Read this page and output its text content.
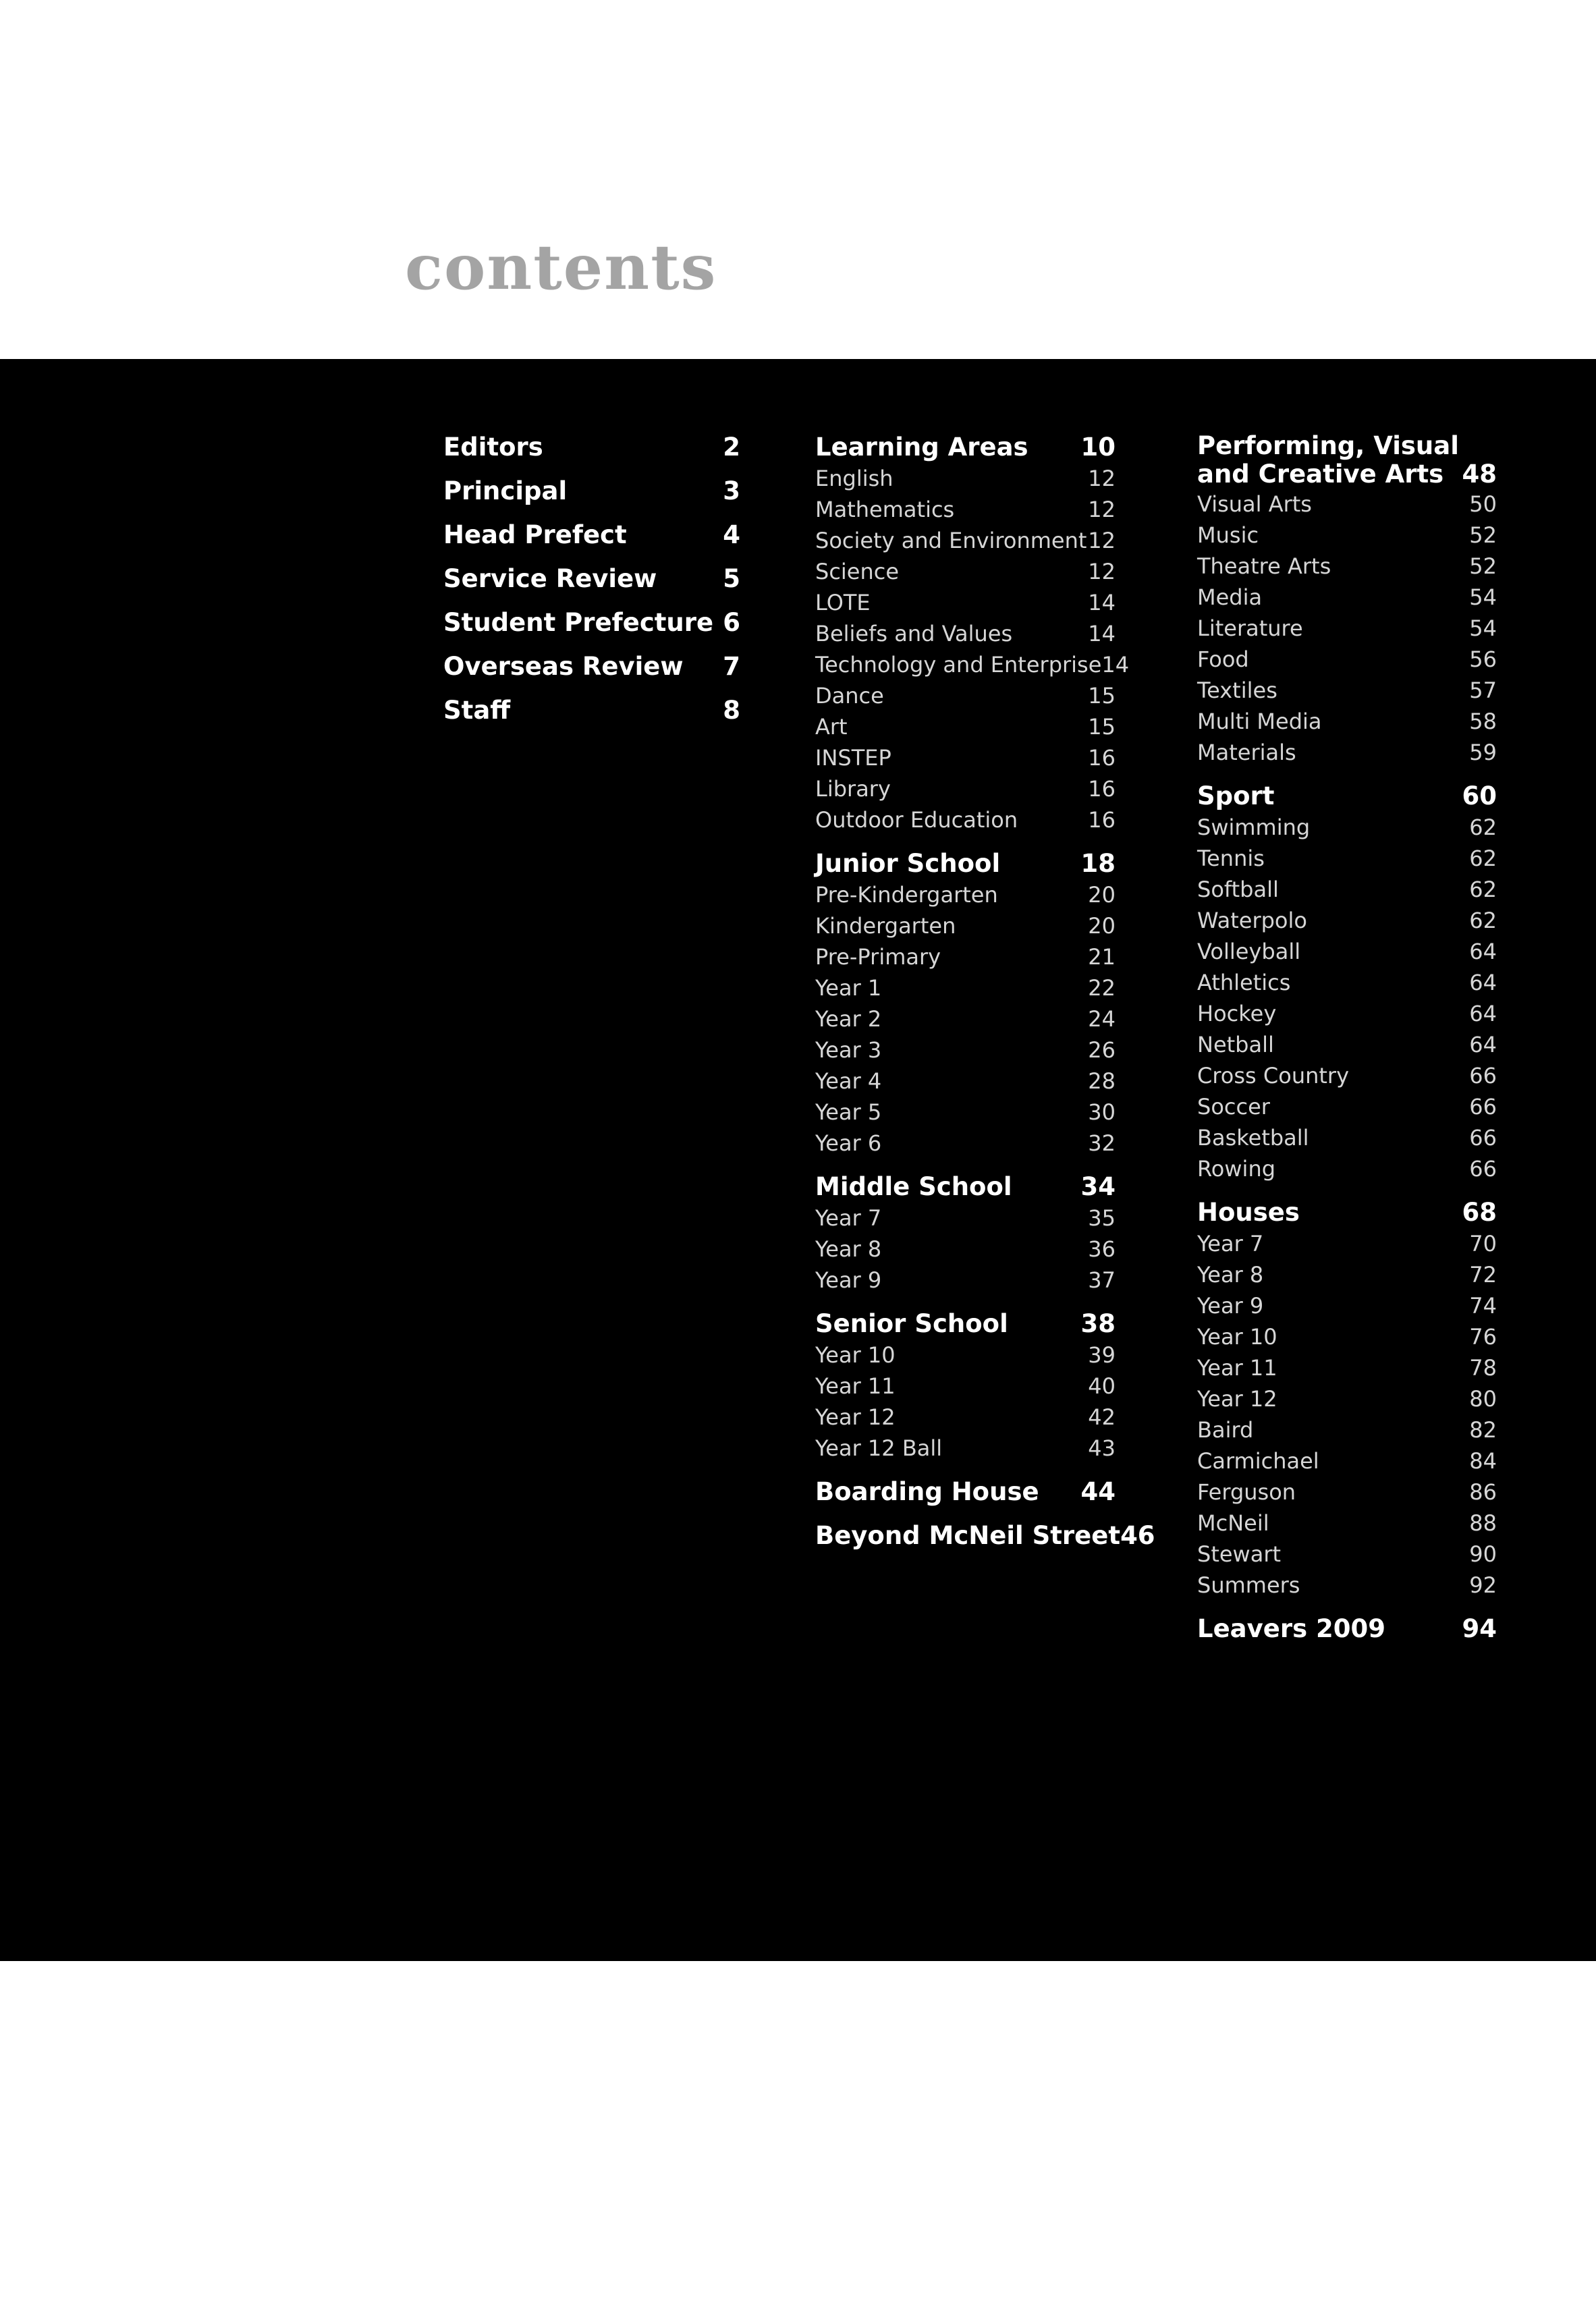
contents
Editors	2
Principal	3
Head Prefect	4
Service Review	5
Student Prefecture 6
Overseas Review 7
Staff	8
Learning Areas 10
English	12
Mathematics	12
Society and Environment 12
Science	12
LOTE	14
Beliefs and Values	14
Technology and Enterprise 14
Dance	15
Art	15
INSTEP	16
Library	16
Outdoor Education	16
Junior School	18
Pre-Kindergarten	20
Kindergarten	20
Pre-Primary	21
Year 1	22
Year 2	24
Year 3	26
Year 4	28
Year 5	30
Year 6	32
Middle School	34
Year 7	35
Year 8	36
Year 9	37
Senior School	38
Year 10	39
Year 11	40
Year 12	42
Year 12 Ball	43
Boarding House 44
Beyond McNeil Street 46
Performing, Visual and Creative Arts 48
Visual Arts	50
Music	52
Theatre Arts	52
Media	54
Literature	54
Food	56
Textiles	57
Multi Media	58
Materials	59
Sport	60
Swimming	62
Tennis	62
Softball	62
Waterpolo	62
Volleyball	64
Athletics	64
Hockey	64
Netball	64
Cross Country	66
Soccer	66
Basketball	66
Rowing	66
Houses	68
Year 7	70
Year 8	72
Year 9	74
Year 10	76
Year 11	78
Year 12	80
Baird	82
Carmichael	84
Ferguson	86
McNeil	88
Stewart	90
Summers	92
Leavers 2009	94
